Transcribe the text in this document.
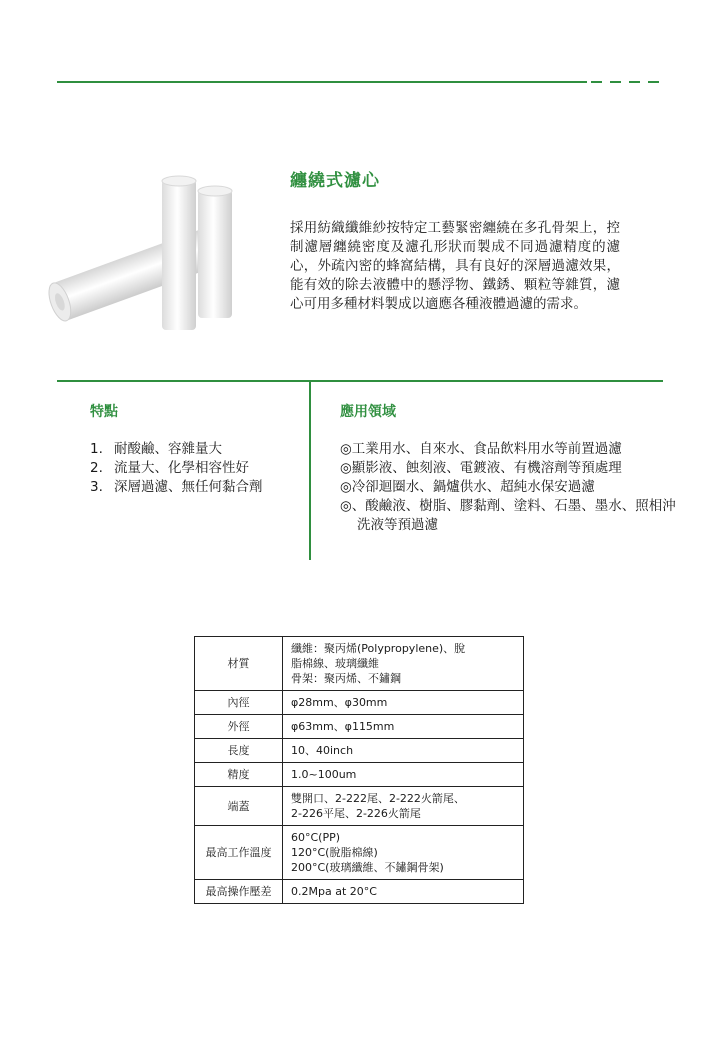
纏繞式濾心

採用紡織纖維紗按特定工藝緊密纏繞在多孔骨架上，控制濾層纏繞密度及濾孔形狀而製成不同過濾精度的濾心，外疏內密的蜂窩結構，具有良好的深層過濾效果，能有效的除去液體中的懸浮物、鐵銹、顆粒等雜質，濾心可用多種材料製成以適應各種液體過濾的需求。

特點
1. 耐酸鹼、容雜量大
2. 流量大、化學相容性好
3. 深層過濾、無任何黏合劑
應用領域
◎工業用水、自來水、食品飲料用水等前置過濾
◎顯影液、蝕刻液、電鍍液、有機溶劑等預處理
◎冷卻迴圈水、鍋爐供水、超純水保安過濾
◎、酸鹼液、樹脂、膠黏劑、塗料、石墨、墨水、照相沖洗液等預過濾
材質	纖維：聚丙烯(Polypropylene)、脫
脂棉線、玻璃纖維
骨架：聚丙烯、不鏽鋼
內徑	φ28mm、φ30mm
外徑	φ63mm、φ115mm
長度	10、40inch
精度	1.0~100um
端蓋	雙開口、2-222尾、2-222火箭尾、
2-226平尾、2-226火箭尾
最高工作溫度	60°C(PP)
120°C(脫脂棉線)
200°C(玻璃纖維、不鏽鋼骨架)
最高操作壓差	0.2Mpa at 20°C
